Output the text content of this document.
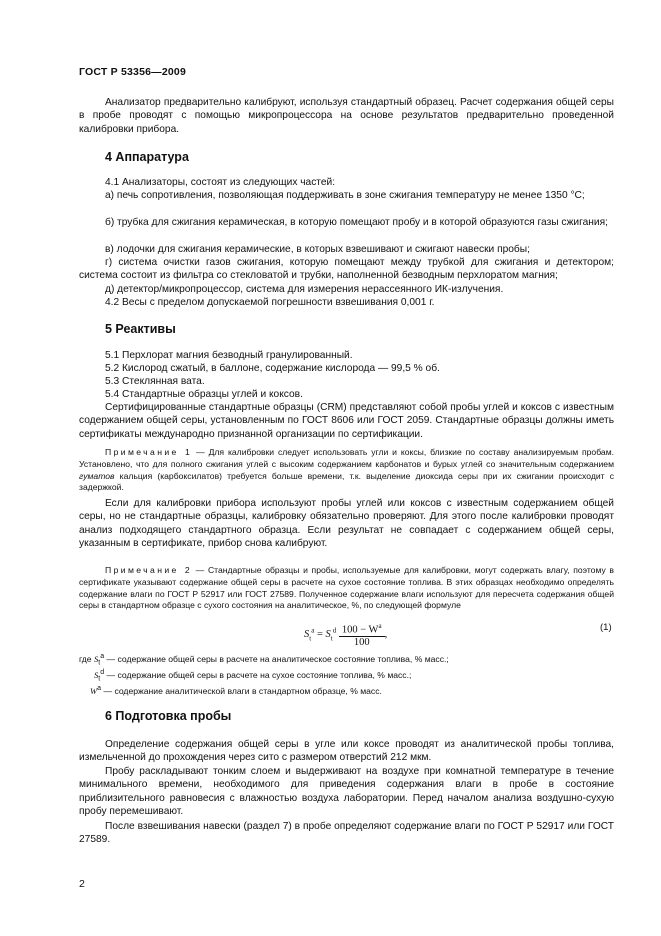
ГОСТ Р 53356—2009
Анализатор предварительно калибруют, используя стандартный образец. Расчет содержания общей серы в пробе проводят с помощью микропроцессора на основе результатов предварительно проведенной калибровки прибора.
4 Аппаратура
4.1 Анализаторы, состоят из следующих частей:
а) печь сопротивления, позволяющая поддерживать в зоне сжигания температуру не менее 1350 °С;
б) трубка для сжигания керамическая, в которую помещают пробу и в которой образуются газы сжигания;
в) лодочки для сжигания керамические, в которых взвешивают и сжигают навески пробы;
г) система очистки газов сжигания, которую помещают между трубкой для сжигания и детектором; система состоит из фильтра со стекловатой и трубки, наполненной безводным перхлоратом магния;
д) детектор/микропроцессор, система для измерения нерассеянного ИК-излучения.
4.2 Весы с пределом допускаемой погрешности взвешивания 0,001 г.
5 Реактивы
5.1 Перхлорат магния безводный гранулированный.
5.2 Кислород сжатый, в баллоне, содержание кислорода — 99,5 % об.
5.3 Стеклянная вата.
5.4 Стандартные образцы углей и коксов.
Сертифицированные стандартные образцы (CRM) представляют собой пробы углей и коксов с известным содержанием общей серы, установленным по ГОСТ 8606 или ГОСТ 2059. Стандартные образцы должны иметь сертификаты международно признанной организации по сертификации.
Примечание 1 — Для калибровки следует использовать угли и коксы, близкие по составу анализируемым пробам. Установлено, что для полного сжигания углей с высоким содержанием карбонатов и бурых углей со значительным содержанием гуматов кальция (карбоксилатов) требуется больше времени, т.к. выделение диоксида серы при их сжигании происходит с задержкой.
Если для калибровки прибора используют пробы углей или коксов с известным содержанием общей серы, но не стандартные образцы, калибровку обязательно проверяют. Для этого после калибровки проводят анализ подходящего стандартного образца. Если результат не совпадает с содержанием общей серы, указанным в сертификате, прибор снова калибруют.
Примечание 2 — Стандартные образцы и пробы, используемые для калибровки, могут содержать влагу, поэтому в сертификате указывают содержание общей серы в расчете на сухое состояние топлива. В этих образцах необходимо определять содержание влаги по ГОСТ Р 52917 или ГОСТ 27589. Полученное содержание влаги используют для пересчета содержания общей серы в стандартном образце с сухого состояния на аналитическое, %, по следующей формуле
$S_t^a = S_t^d \frac{100 - W^a}{100}$ ,
(1)
где $S_t^a$ — содержание общей серы в расчете на аналитическое состояние топлива, % масс.;
$S_t^d$ — содержание общей серы в расчете на сухое состояние топлива, % масс.;
$W^a$ — содержание аналитической влаги в стандартном образце, % масс.
6 Подготовка пробы
Определение содержания общей серы в угле или коксе проводят из аналитической пробы топлива, измельченной до прохождения через сито с размером отверстий 212 мкм.
Пробу раскладывают тонким слоем и выдерживают на воздухе при комнатной температуре в течение минимального времени, необходимого для приведения содержания влаги в пробе в состояние приблизительного равновесия с влажностью воздуха лаборатории. Перед началом анализа воздушно-сухую пробу перемешивают.
После взвешивания навески (раздел 7) в пробе определяют содержание влаги по ГОСТ Р 52917 или ГОСТ 27589.
2
